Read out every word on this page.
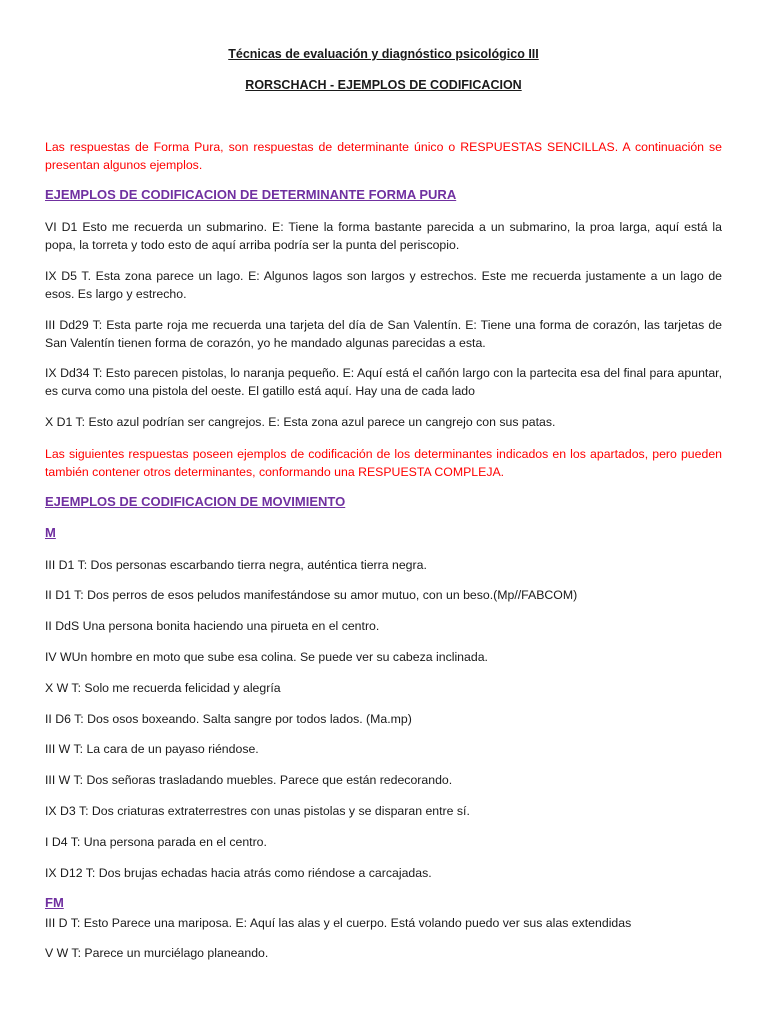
Técnicas de evaluación y diagnóstico psicológico III
RORSCHACH - EJEMPLOS DE CODIFICACION
Las respuestas de Forma Pura, son respuestas de determinante único o RESPUESTAS SENCILLAS. A continuación se presentan algunos ejemplos.
EJEMPLOS DE CODIFICACION DE DETERMINANTE FORMA PURA
VI D1 Esto me recuerda un submarino. E: Tiene la forma bastante parecida a un submarino, la proa larga, aquí está la popa, la torreta y todo esto de aquí arriba podría ser la punta del periscopio.
IX D5 T. Esta zona parece un lago. E: Algunos lagos son largos y estrechos. Este me recuerda justamente a un lago de esos. Es largo y estrecho.
III Dd29 T: Esta parte roja me recuerda una tarjeta del día de San Valentín. E: Tiene una forma de corazón, las tarjetas de San Valentín tienen forma de corazón, yo he mandado algunas parecidas a esta.
IX Dd34 T: Esto parecen pistolas, lo naranja pequeño. E: Aquí está el cañón largo con la partecita esa del final para apuntar, es curva como una pistola del oeste. El gatillo está aquí. Hay una de cada lado
X D1 T: Esto azul podrían ser cangrejos. E: Esta zona azul parece un cangrejo con sus patas.
Las siguientes respuestas poseen ejemplos de codificación de los determinantes indicados en los apartados, pero pueden también contener otros determinantes, conformando una RESPUESTA COMPLEJA.
EJEMPLOS DE CODIFICACION DE MOVIMIENTO
M
III D1 T: Dos personas escarbando tierra negra, auténtica tierra negra.
II D1 T: Dos perros de esos peludos manifestándose su amor mutuo, con un beso.(Mp//FABCOM)
II DdS Una persona bonita haciendo una pirueta en el centro.
IV WUn hombre en moto que sube esa colina. Se puede ver su cabeza inclinada.
X W T: Solo me recuerda felicidad y alegría
II D6 T: Dos osos boxeando. Salta sangre por todos lados. (Ma.mp)
III W T: La cara de un payaso riéndose.
III W T: Dos señoras trasladando muebles. Parece que están redecorando.
IX D3 T: Dos criaturas extraterrestres con unas pistolas y se disparan entre sí.
I D4 T: Una persona parada en el centro.
IX D12 T: Dos brujas echadas hacia atrás como riéndose a carcajadas.
FM
III D T: Esto Parece una mariposa. E: Aquí las alas y el cuerpo. Está volando puedo ver sus alas extendidas
V W T: Parece un murciélago planeando.
